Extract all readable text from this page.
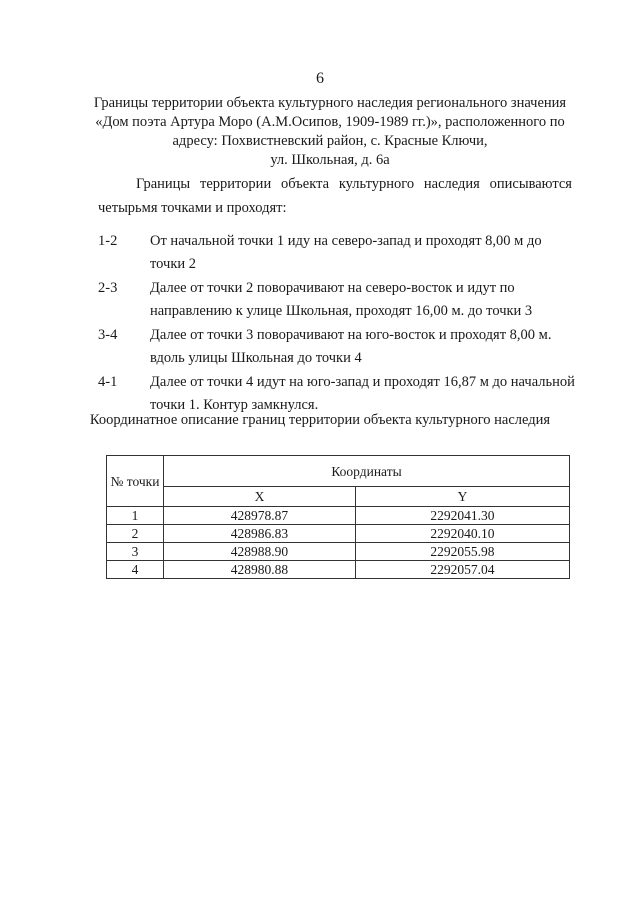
6
Границы территории объекта культурного наследия регионального значения
«Дом поэта Артура Моро (А.М.Осипов, 1909-1989 гг.)», расположенного по
адресу: Похвистневский район, с. Красные Ключи,
ул. Школьная, д. 6а
Границы территории объекта культурного наследия описываются
четырьмя точками и проходят:
1-2	От начальной точки 1 иду на северо-запад и проходят 8,00 м до точки 2
2-3	Далее от точки 2 поворачивают на северо-восток и идут по направлению к улице Школьная, проходят 16,00 м. до точки 3
3-4	Далее от точки 3 поворачивают на юго-восток и проходят 8,00 м. вдоль улицы Школьная до точки 4
4-1	Далее от точки 4 идут на юго-запад и проходят 16,87 м до начальной точки 1. Контур замкнулся.
Координатное описание границ территории объекта культурного наследия
№ точки	Координаты	
	X	Y
1	428978.87	2292041.30
2	428986.83	2292040.10
3	428988.90	2292055.98
4	428980.88	2292057.04
